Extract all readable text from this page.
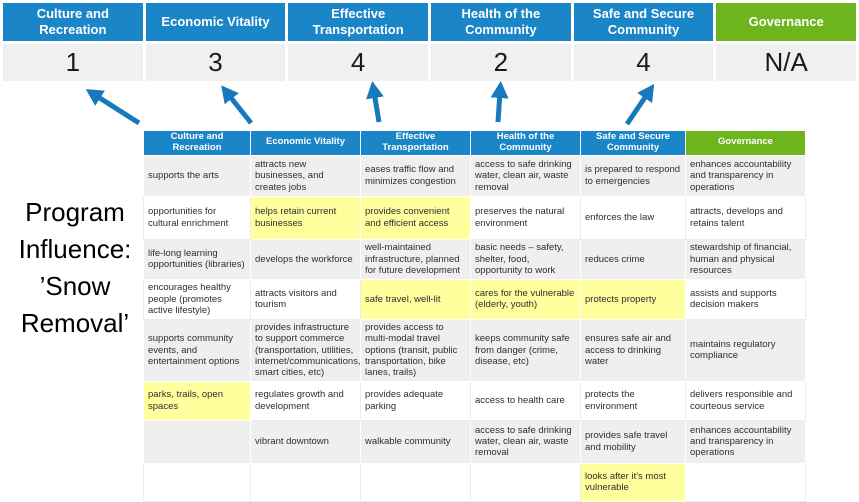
Culture and Recreation
Economic Vitality
Effective Transportation
Health of the Community
Safe and Secure Community
Governance
1	3	4	2	4	N/A
Program Influence: ’Snow Removal’
Culture and Recreation	Economic Vitality	Effective Transportation	Health of the Community	Safe and Secure Community	Governance
supports the arts	attracts new businesses, and creates jobs	eases traffic flow and minimizes congestion	access to safe drinking water, clean air, waste removal	is prepared to respond to emergencies	enhances accountability and transparency in operations
opportunities for cultural enrichment	helps retain current businesses	provides convenient and efficient access	preserves the natural environment	enforces the law	attracts, develops and retains talent
life-long learning opportunities (libraries)	develops the workforce	well-maintained infrastructure, planned for future development	basic needs – safety, shelter, food, opportunity to work	reduces crime	stewardship of financial, human and physical resources
encourages healthy people (promotes active lifestyle)	attracts visitors and tourism	safe travel, well-lit	cares for the vulnerable (elderly, youth)	protects property	assists and supports decision makers
supports community events, and entertainment options	provides infrastructure to support commerce (transportation, utilities, internet/communications, smart cities, etc)	provides access to multi-modal travel options (transit, public transportation, bike lanes, trails)	keeps community safe from danger (crime, disease, etc)	ensures safe air and access to drinking water	maintains regulatory compliance
parks, trails, open spaces	regulates growth and development	provides adequate parking	access to health care	protects the environment	delivers responsible and courteous service
	vibrant downtown	walkable community	access to safe drinking water, clean air, waste removal	provides safe travel and mobility	enhances accountability and transparency in operations
				looks after it's most vulnerable	
